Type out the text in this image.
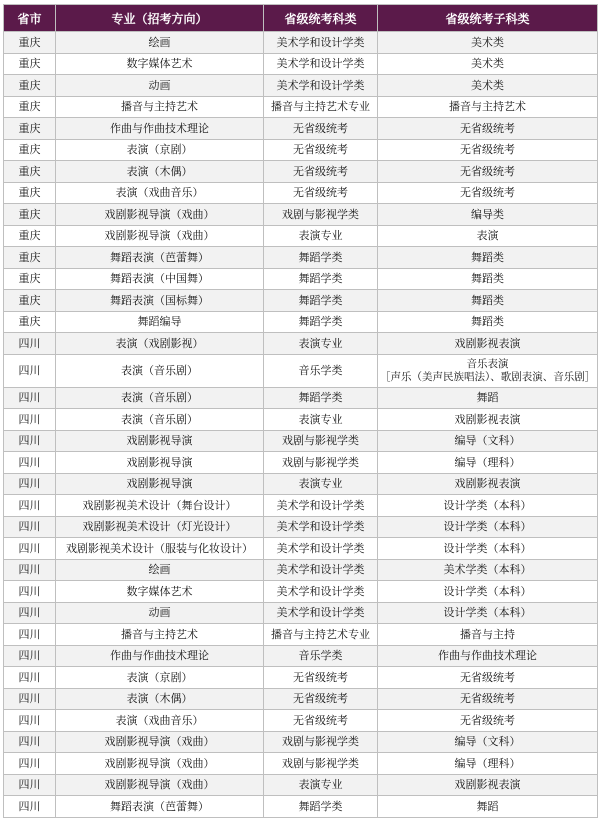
省市	专业（招考方向）	省级统考科类	省级统考子科类
重庆	绘画	美术学和设计学类	美术类
重庆	数字媒体艺术	美术学和设计学类	美术类
重庆	动画	美术学和设计学类	美术类
重庆	播音与主持艺术	播音与主持艺术专业	播音与主持艺术
重庆	作曲与作曲技术理论	无省级统考	无省级统考
重庆	表演（京剧）	无省级统考	无省级统考
重庆	表演（木偶）	无省级统考	无省级统考
重庆	表演（戏曲音乐）	无省级统考	无省级统考
重庆	戏剧影视导演（戏曲）	戏剧与影视学类	编导类
重庆	戏剧影视导演（戏曲）	表演专业	表演
重庆	舞蹈表演（芭蕾舞）	舞蹈学类	舞蹈类
重庆	舞蹈表演（中国舞）	舞蹈学类	舞蹈类
重庆	舞蹈表演（国标舞）	舞蹈学类	舞蹈类
重庆	舞蹈编导	舞蹈学类	舞蹈类
四川	表演（戏剧影视）	表演专业	戏剧影视表演
四川	表演（音乐剧）	音乐学类	音乐表演
［声乐（美声民族唱法）、歌剧表演、音乐剧］

四川	表演（音乐剧）	舞蹈学类	舞蹈
四川	表演（音乐剧）	表演专业	戏剧影视表演
四川	戏剧影视导演	戏剧与影视学类	编导（文科）
四川	戏剧影视导演	戏剧与影视学类	编导（理科）
四川	戏剧影视导演	表演专业	戏剧影视表演
四川	戏剧影视美术设计（舞台设计）	美术学和设计学类	设计学类（本科）
四川	戏剧影视美术设计（灯光设计）	美术学和设计学类	设计学类（本科）
四川	戏剧影视美术设计（服装与化妆设计）	美术学和设计学类	设计学类（本科）
四川	绘画	美术学和设计学类	美术学类（本科）
四川	数字媒体艺术	美术学和设计学类	设计学类（本科）
四川	动画	美术学和设计学类	设计学类（本科）
四川	播音与主持艺术	播音与主持艺术专业	播音与主持
四川	作曲与作曲技术理论	音乐学类	作曲与作曲技术理论
四川	表演（京剧）	无省级统考	无省级统考
四川	表演（木偶）	无省级统考	无省级统考
四川	表演（戏曲音乐）	无省级统考	无省级统考
四川	戏剧影视导演（戏曲）	戏剧与影视学类	编导（文科）
四川	戏剧影视导演（戏曲）	戏剧与影视学类	编导（理科）
四川	戏剧影视导演（戏曲）	表演专业	戏剧影视表演
四川	舞蹈表演（芭蕾舞）	舞蹈学类	舞蹈
